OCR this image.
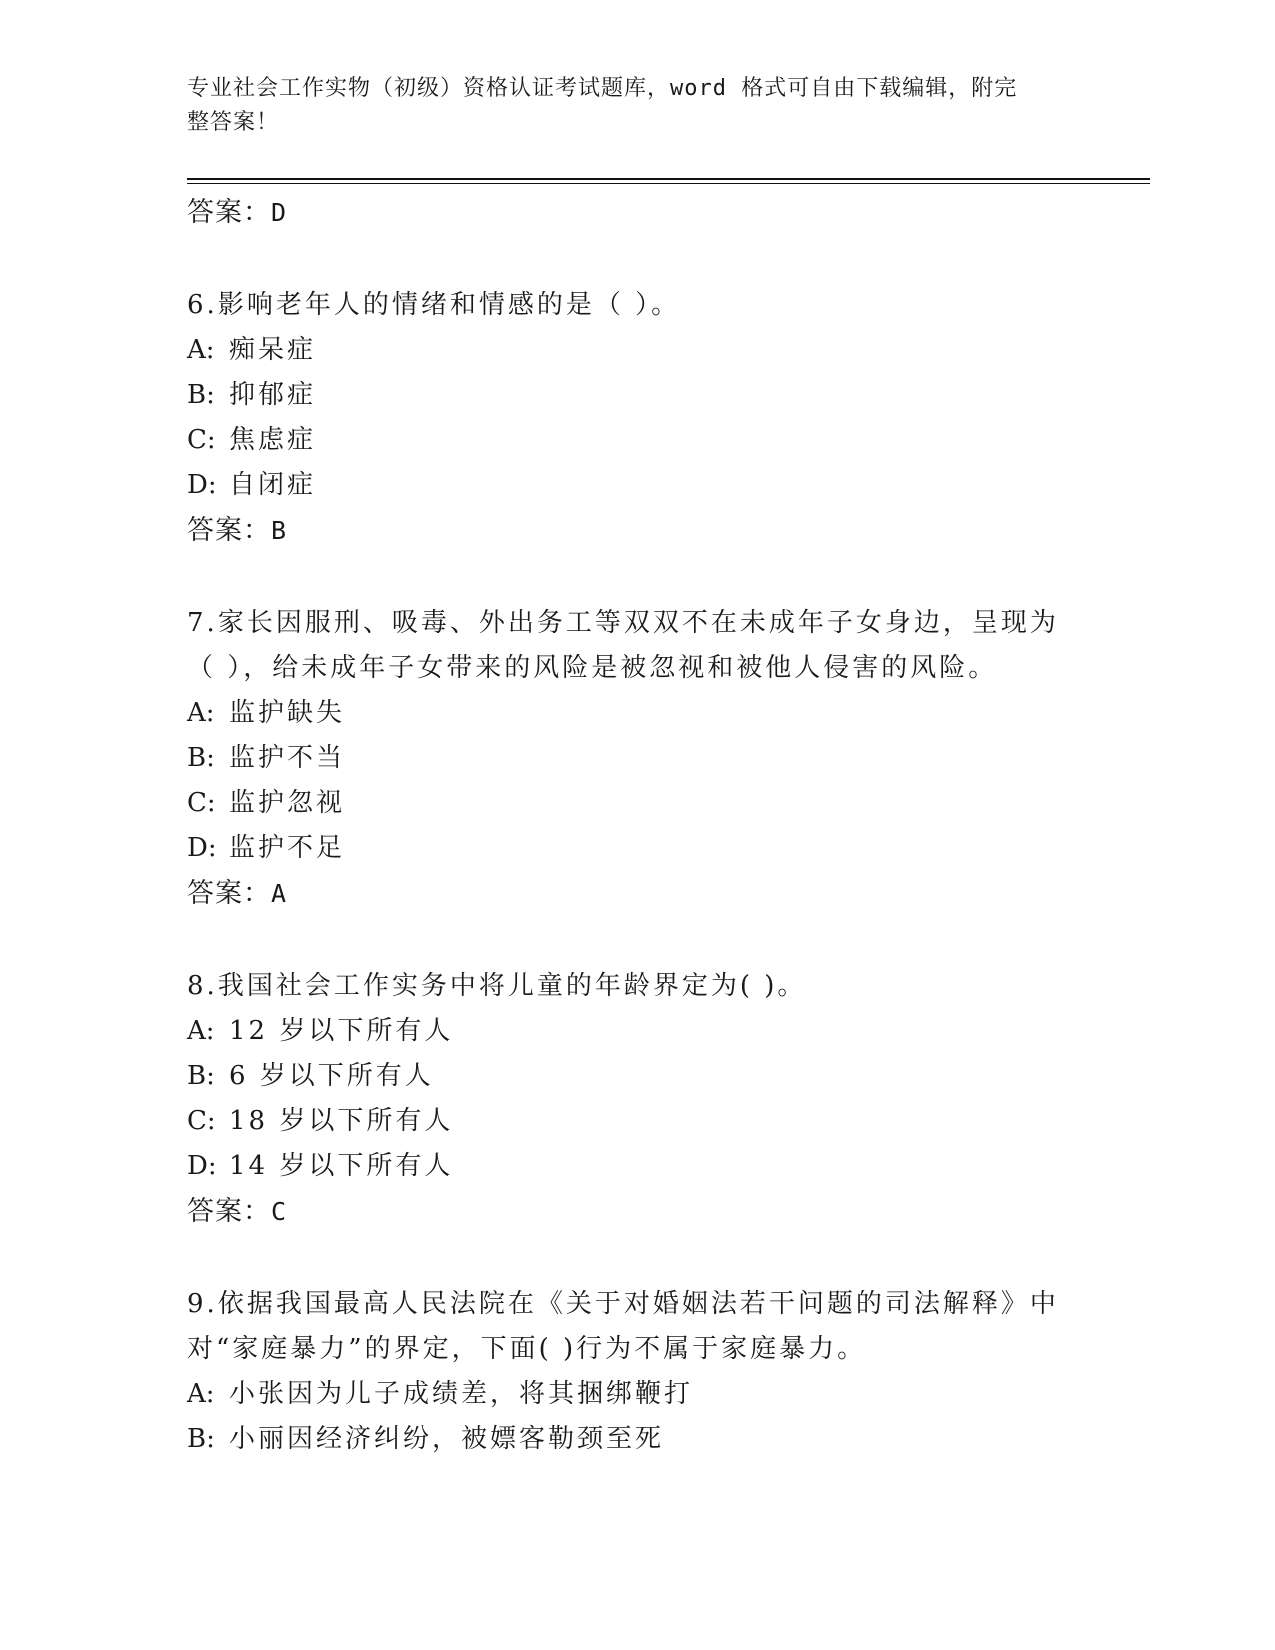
专业社会工作实物（初级）资格认证考试题库，word 格式可自由下载编辑，附完
整答案！
答案：D
6.影响老年人的情绪和情感的是（ ）。
A: 痴呆症
B: 抑郁症
C: 焦虑症
D: 自闭症
答案：B
7.家长因服刑、吸毒、外出务工等双双不在未成年子女身边，呈现为
（ ），给未成年子女带来的风险是被忽视和被他人侵害的风险。
A: 监护缺失
B: 监护不当
C: 监护忽视
D: 监护不足
答案：A
8.我国社会工作实务中将儿童的年龄界定为( )。
A: 12 岁以下所有人
B: 6 岁以下所有人
C: 18 岁以下所有人
D: 14 岁以下所有人
答案：C
9.依据我国最高人民法院在《关于对婚姻法若干问题的司法解释》中
对“家庭暴力”的界定，下面( )行为不属于家庭暴力。
A: 小张因为儿子成绩差，将其捆绑鞭打
B: 小丽因经济纠纷，被嫖客勒颈至死
